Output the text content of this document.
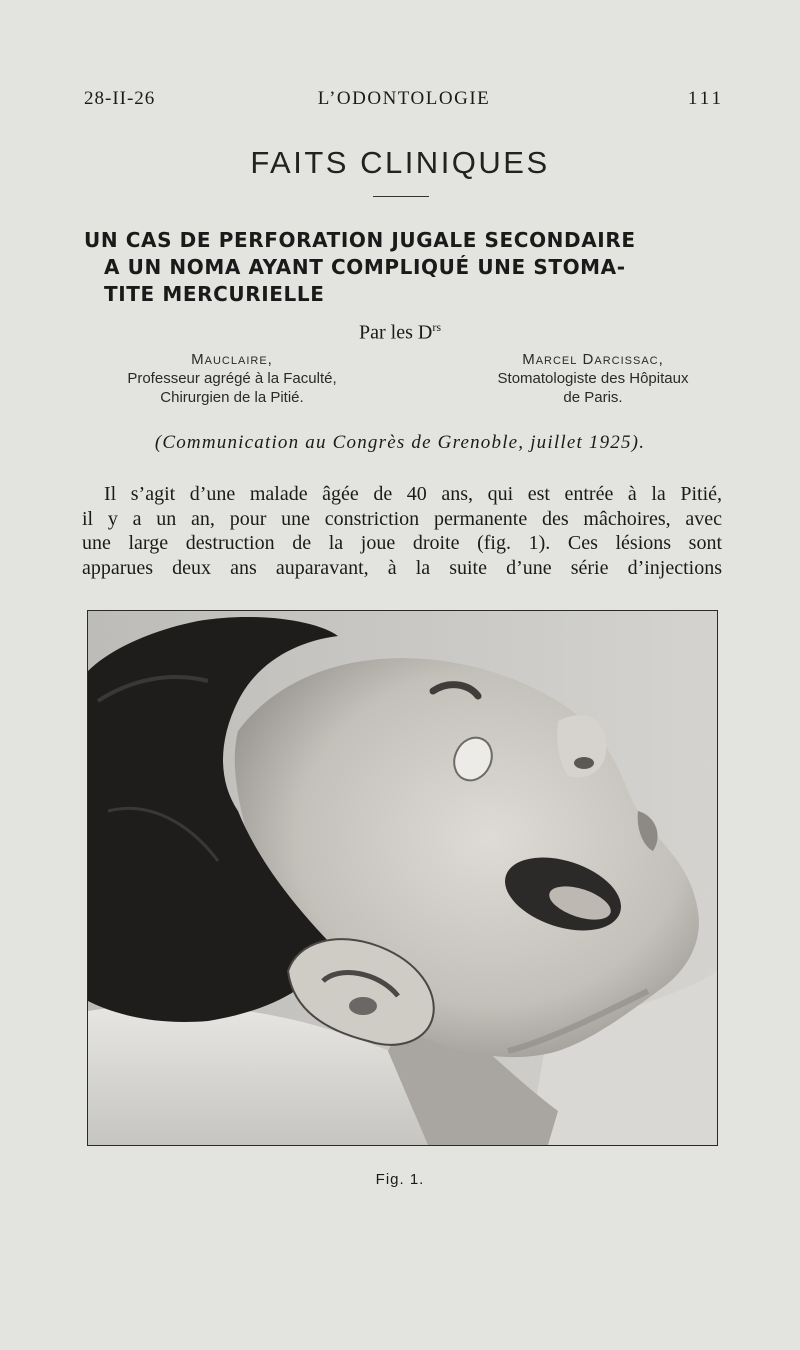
28-II-26	L’ODONTOLOGIE	111
FAITS CLINIQUES
UN CAS DE PERFORATION JUGALE SECONDAIRE
A UN NOMA AYANT COMPLIQUÉ UNE STOMA-
TITE MERCURIELLE
Par les $D^{rs}$
Mauclaire,
Professeur agrégé à la Faculté,
Chirurgien de la Pitié.
Marcel Darcissac,
Stomatologiste des Hôpitaux
de Paris.
(Communication au Congrès de Grenoble, juillet 1925).
Il s’agit d’une malade âgée de 40 ans, qui est entrée à la Pitié,
il y a un an, pour une constriction permanente des mâchoires, avec
une large destruction de la joue droite (fig. 1). Ces lésions sont
apparues deux ans auparavant, à la suite d’une série d’injections
Fig. 1.
